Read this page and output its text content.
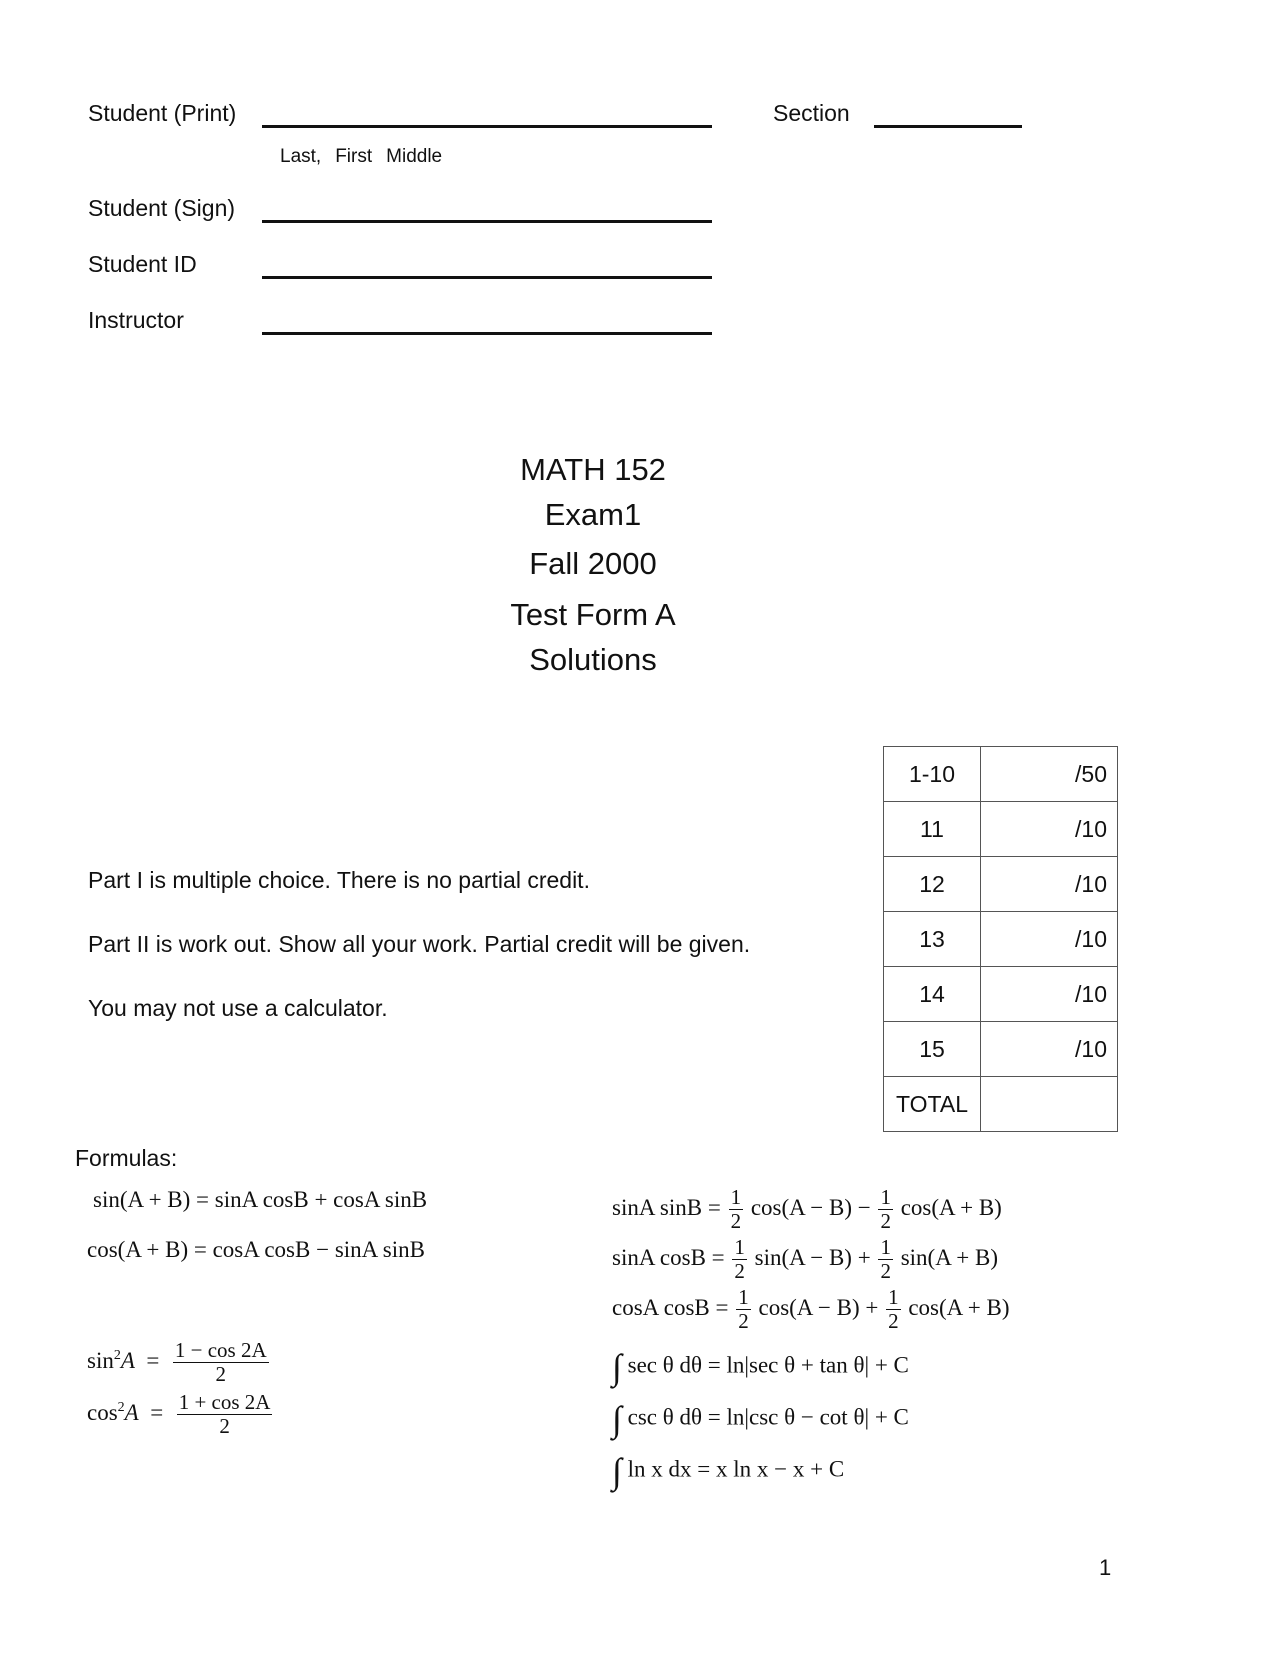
Student (Print)	Section
Last, First Middle
Student (Sign)
Student ID
Instructor
MATH 152
Exam1
Fall 2000
Test Form A
Solutions
Part I is multiple choice. There is no partial credit.
Part II is work out. Show all your work. Partial credit will be given.
You may not use a calculator.
1-10	/50
11	/10
12	/10
13	/10
14	/10
15	/10
TOTAL	
Formulas:
sin(A + B) = sinA cosB + cosA sinB
cos(A + B) = cosA cosB − sinA sinB
$\sin^2A = \frac{1 - \cos 2A}{2}$
$\cos^2A = \frac{1 + \cos 2A}{2}$
sinA $\sin B = \frac{1}{2} \cos(A - B) - \frac{1}{2} \cos(A + B)$
sinA $\cos B = \frac{1}{2} \sin(A - B) + \frac{1}{2} \sin(A + B)$
cosA $\cos B = \frac{1}{2} \cos(A - B) + \frac{1}{2} \cos(A + B)$
∫ sec θ dθ = ln|sec θ + tan θ| + C
∫ csc θ dθ = ln|csc θ − cot θ| + C
∫ ln x dx = x ln x − x + C
1
